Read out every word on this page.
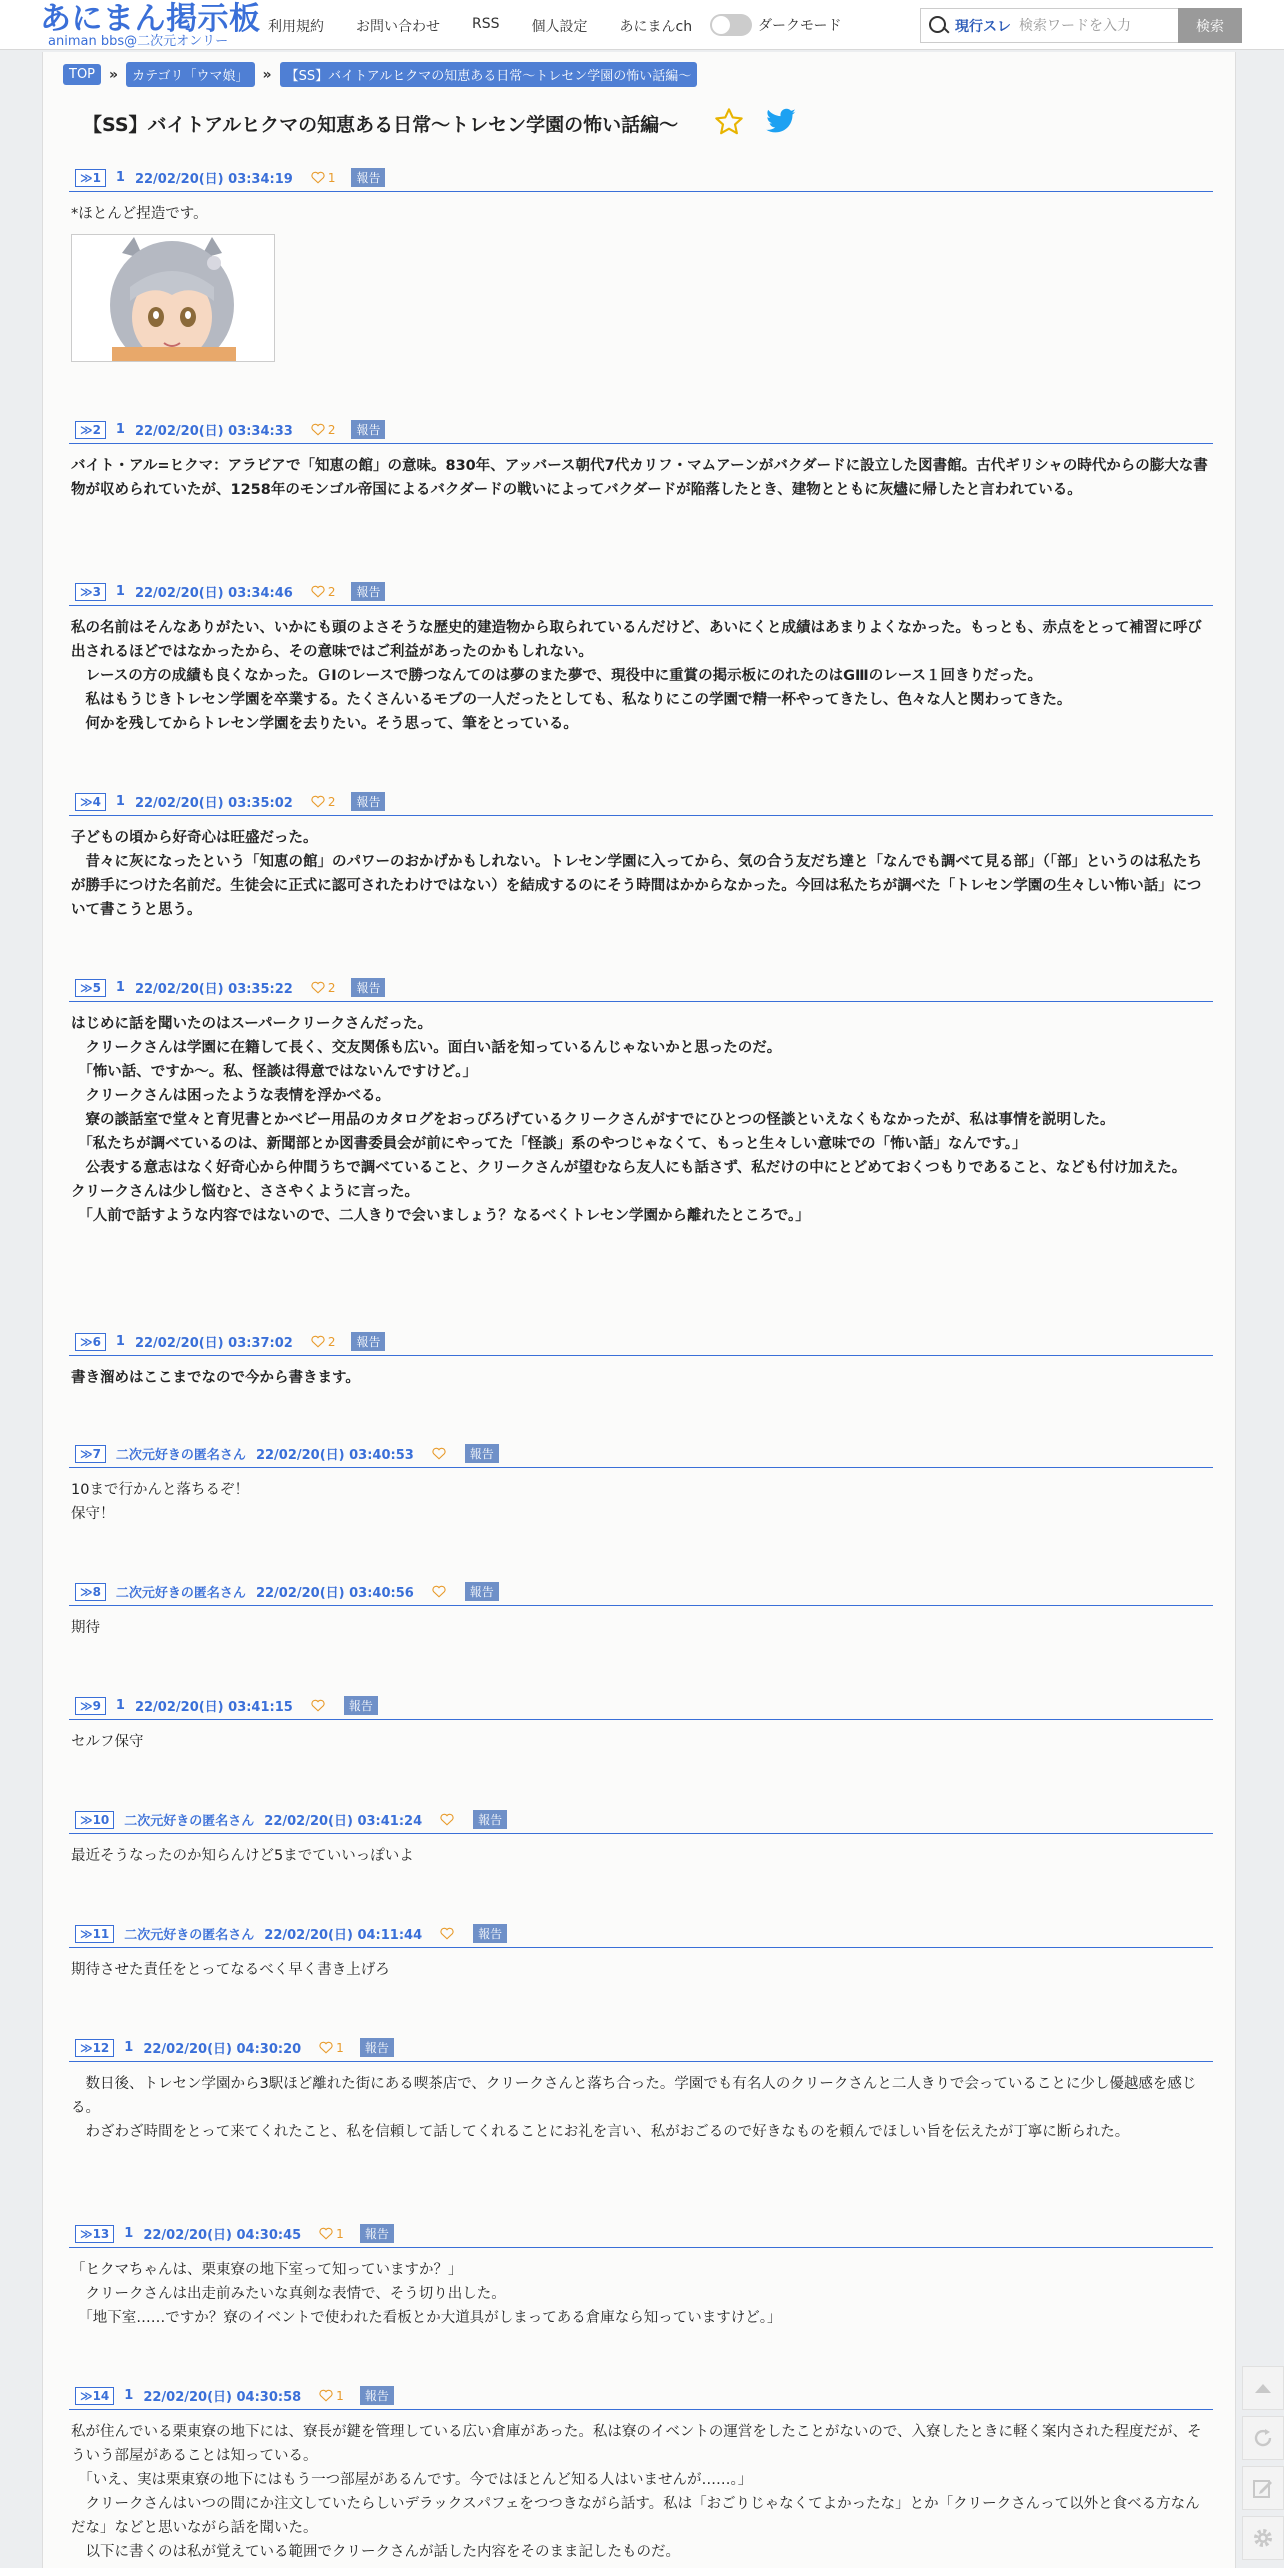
あにまん掲示板
animan bbs@二次元オンリー
利用規約 お問い合わせ RSS 個人設定 あにまんch	ダークモード	現行スレ
検索ワードを入力	検索
TOP	»	カテゴリ「ウマ娘」	»	【SS】バイトアルヒクマの知恵ある日常～トレセン学園の怖い話編～
【SS】バイトアルヒクマの知恵ある日常～トレセン学園の怖い話編～
≫1	1 22/02/20(日) 03:34:19	1	報告

*ほとんど捏造です。

≫2	1 22/02/20(日) 03:34:33	2	報告

バイト・アル=ヒクマ：アラビアで「知恵の館」の意味。830年、アッバース朝代7代カリフ・マムアーンがバクダードに設立した図書館。古代ギリシャの時代からの膨大な書物が収められていたが、1258年のモンゴル帝国によるバクダードの戦いによってバクダードが陥落したとき、建物とともに灰燼に帰したと言われている。

≫3	1 22/02/20(日) 03:34:46	2	報告

私の名前はそんなありがたい、いかにも頭のよさそうな歴史的建造物から取られているんだけど、あいにくと成績はあまりよくなかった。もっとも、赤点をとって補習に呼び出されるほどではなかったから、その意味ではご利益があったのかもしれない。

　レースの方の成績も良くなかった。ＧⅠのレースで勝つなんてのは夢のまた夢で、現役中に重賞の掲示板にのれたのはGⅢのレース１回きりだった。

　私はもうじきトレセン学園を卒業する。たくさんいるモブの一人だったとしても、私なりにこの学園で精一杯やってきたし、色々な人と関わってきた。

　何かを残してからトレセン学園を去りたい。そう思って、筆をとっている。

≫4	1 22/02/20(日) 03:35:02	2	報告

子どもの頃から好奇心は旺盛だった。

　昔々に灰になったという「知恵の館」のパワーのおかげかもしれない。トレセン学園に入ってから、気の合う友だち達と「なんでも調べて見る部」（「部」というのは私たちが勝手につけた名前だ。生徒会に正式に認可されたわけではない）を結成するのにそう時間はかからなかった。今回は私たちが調べた「トレセン学園の生々しい怖い話」について書こうと思う。

≫5	1 22/02/20(日) 03:35:22	2	報告

はじめに話を聞いたのはスーパークリークさんだった。

　クリークさんは学園に在籍して長く、交友関係も広い。面白い話を知っているんじゃないかと思ったのだ。

　「怖い話、ですか～。私、怪談は得意ではないんですけど。」

　クリークさんは困ったような表情を浮かべる。

　寮の談話室で堂々と育児書とかベビー用品のカタログをおっぴろげているクリークさんがすでにひとつの怪談といえなくもなかったが、私は事情を説明した。

　「私たちが調べているのは、新聞部とか図書委員会が前にやってた「怪談」系のやつじゃなくて、もっと生々しい意味での「怖い話」なんです。」

　公表する意志はなく好奇心から仲間うちで調べていること、クリークさんが望むなら友人にも話さず、私だけの中にとどめておくつもりであること、なども付け加えた。

クリークさんは少し悩むと、ささやくように言った。

　「人前で話すような内容ではないので、二人きりで会いましょう？なるべくトレセン学園から離れたところで。」

≫6	1 22/02/20(日) 03:37:02	2	報告

書き溜めはここまでなので今から書きます。

≫7	二次元好きの匿名さん 22/02/20(日) 03:40:53	報告

10まで行かんと落ちるぞ！

保守！

≫8	二次元好きの匿名さん 22/02/20(日) 03:40:56	報告

期待

≫9	1 22/02/20(日) 03:41:15	報告

セルフ保守

≫10	二次元好きの匿名さん 22/02/20(日) 03:41:24	報告

最近そうなったのか知らんけど5までていいっぽいよ

≫11	二次元好きの匿名さん 22/02/20(日) 04:11:44	報告

期待させた責任をとってなるべく早く書き上げろ

≫12	1 22/02/20(日) 04:30:20	1	報告

　数日後、トレセン学園から3駅ほど離れた街にある喫茶店で、クリークさんと落ち合った。学園でも有名人のクリークさんと二人きりで会っていることに少し優越感を感じる。

　わざわざ時間をとって来てくれたこと、私を信頼して話してくれることにお礼を言い、私がおごるので好きなものを頼んでほしい旨を伝えたが丁寧に断られた。

≫13	1 22/02/20(日) 04:30:45	1	報告

「ヒクマちゃんは、栗東寮の地下室って知っていますか？」

　クリークさんは出走前みたいな真剣な表情で、そう切り出した。

　「地下室……ですか？寮のイベントで使われた看板とか大道具がしまってある倉庫なら知っていますけど。」

≫14	1 22/02/20(日) 04:30:58	1	報告

私が住んでいる栗東寮の地下には、寮長が鍵を管理している広い倉庫があった。私は寮のイベントの運営をしたことがないので、入寮したときに軽く案内された程度だが、そういう部屋があることは知っている。

　「いえ、実は栗東寮の地下にはもう一つ部屋があるんです。今ではほとんど知る人はいませんが……。」

　クリークさんはいつの間にか注文していたらしいデラックスパフェをつつきながら話す。私は「おごりじゃなくてよかったな」とか「クリークさんって以外と食べる方なんだな」などと思いながら話を聞いた。

　以下に書くのは私が覚えている範囲でクリークさんが話した内容をそのまま記したものだ。
